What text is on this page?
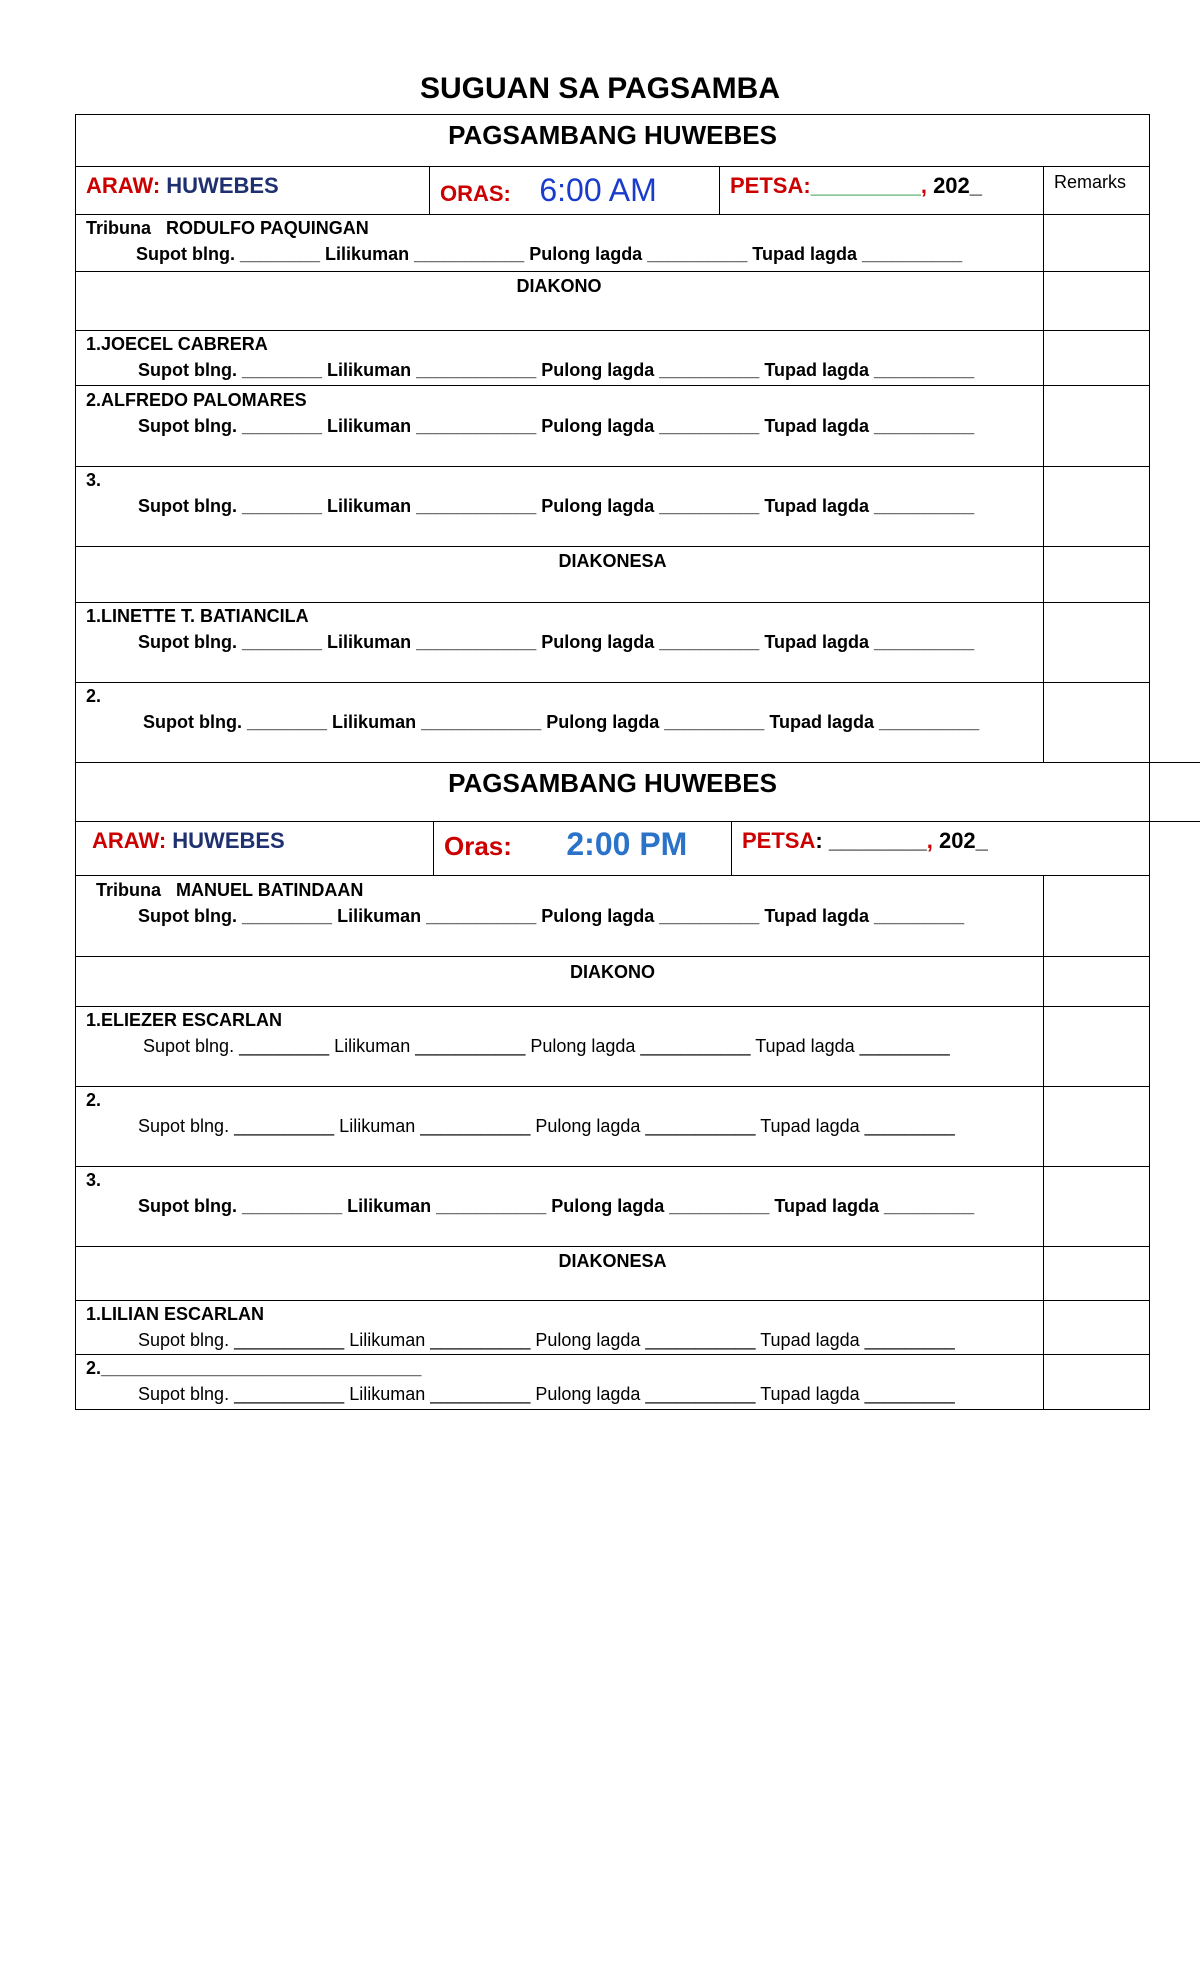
SUGUAN SA PAGSAMBA
PAGSAMBANG HUWEBES
ARAW: HUWEBES	ORAS: 6:00 AM	PETSA:_________, 202_	Remarks
Tribuna RODULFO PAQUINGAN
Supot blng. ________ Lilikuman ___________ Pulong lagda __________ Tupad lagda __________
DIAKONO
1.JOECEL CABRERA
Supot blng. ________ Lilikuman ____________ Pulong lagda __________ Tupad lagda __________
2.ALFREDO PALOMARES
Supot blng. ________ Lilikuman ____________ Pulong lagda __________ Tupad lagda __________
3.
Supot blng. ________ Lilikuman ____________ Pulong lagda __________ Tupad lagda __________
DIAKONESA
1.LINETTE T. BATIANCILA
Supot blng. ________ Lilikuman ____________ Pulong lagda __________ Tupad lagda __________
2.
Supot blng. ________ Lilikuman ____________ Pulong lagda __________ Tupad lagda __________
PAGSAMBANG HUWEBES
ARAW: HUWEBES	Oras: 2:00 PM PETSA: ________, 202_
Tribuna MANUEL BATINDAAN
Supot blng. _________ Lilikuman ___________ Pulong lagda __________ Tupad lagda _________
DIAKONO
1.ELIEZER ESCARLAN
Supot blng. _________ Lilikuman ___________ Pulong lagda ___________ Tupad lagda _________
2.
Supot blng. __________ Lilikuman ___________ Pulong lagda ___________ Tupad lagda _________
3.
Supot blng. __________ Lilikuman ___________ Pulong lagda __________ Tupad lagda _________
DIAKONESA
1.LILIAN ESCARLAN
Supot blng. ___________ Lilikuman __________ Pulong lagda ___________ Tupad lagda _________
2.________________________________
Supot blng. ___________ Lilikuman __________ Pulong lagda ___________ Tupad lagda _________
